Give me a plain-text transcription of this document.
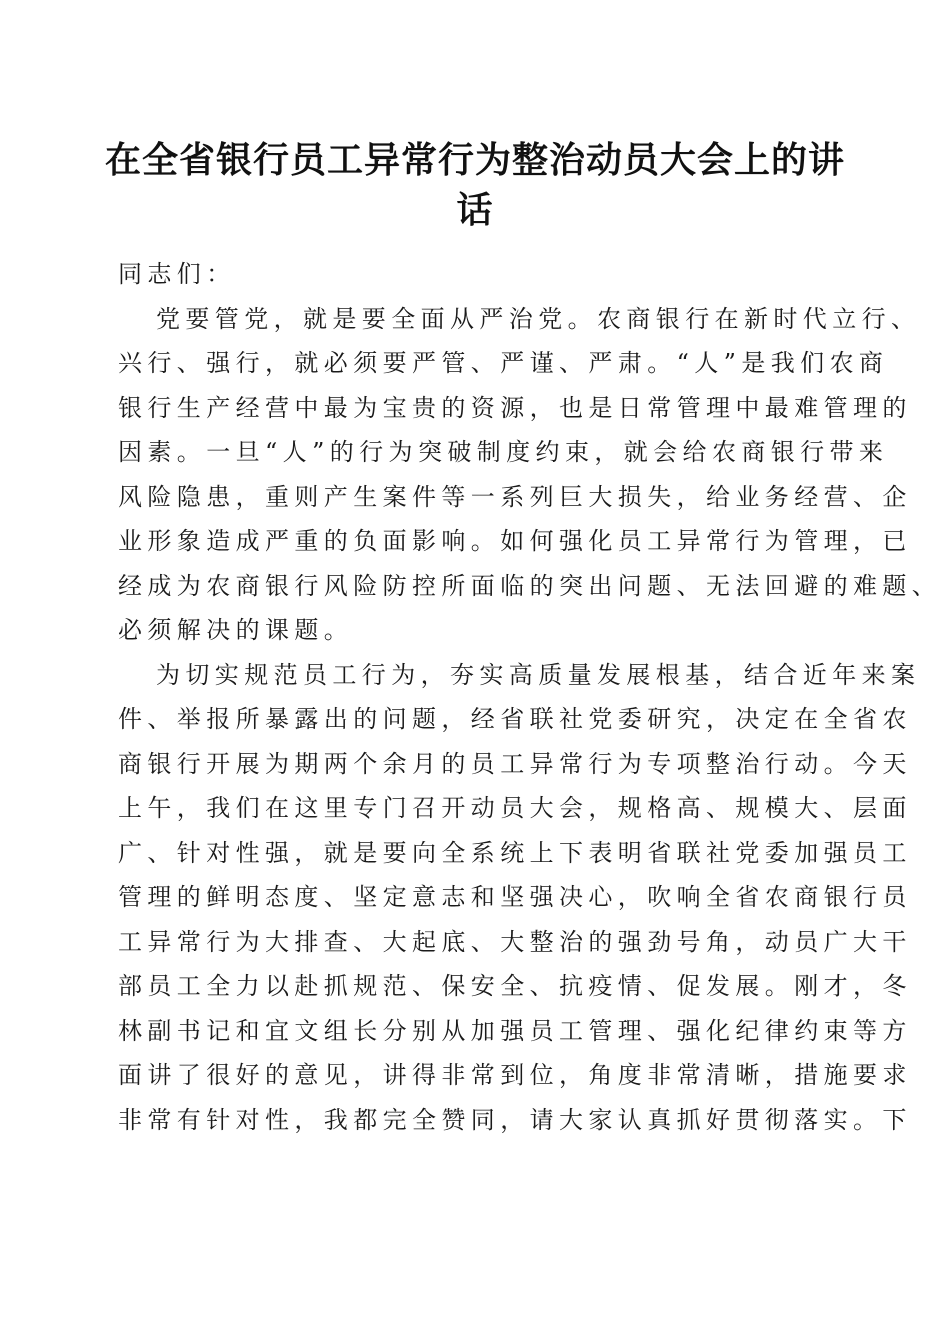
在全省银行员工异常行为整治动员大会上的讲
话
同志们：
党要管党，就是要全面从严治党。农商银行在新时代立行、
兴行、强行，就必须要严管、严谨、严肃。“人”是我们农商
银行生产经营中最为宝贵的资源，也是日常管理中最难管理的
因素。一旦“人”的行为突破制度约束，就会给农商银行带来
风险隐患，重则产生案件等一系列巨大损失，给业务经营、企
业形象造成严重的负面影响。如何强化员工异常行为管理，已
经成为农商银行风险防控所面临的突出问题、无法回避的难题、
必须解决的课题。
为切实规范员工行为，夯实高质量发展根基，结合近年来案
件、举报所暴露出的问题，经省联社党委研究，决定在全省农
商银行开展为期两个余月的员工异常行为专项整治行动。今天
上午，我们在这里专门召开动员大会，规格高、规模大、层面
广、针对性强，就是要向全系统上下表明省联社党委加强员工
管理的鲜明态度、坚定意志和坚强决心，吹响全省农商银行员
工异常行为大排查、大起底、大整治的强劲号角，动员广大干
部员工全力以赴抓规范、保安全、抗疫情、促发展。刚才，冬
林副书记和宜文组长分别从加强员工管理、强化纪律约束等方
面讲了很好的意见，讲得非常到位，角度非常清晰，措施要求
非常有针对性，我都完全赞同，请大家认真抓好贯彻落实。下
